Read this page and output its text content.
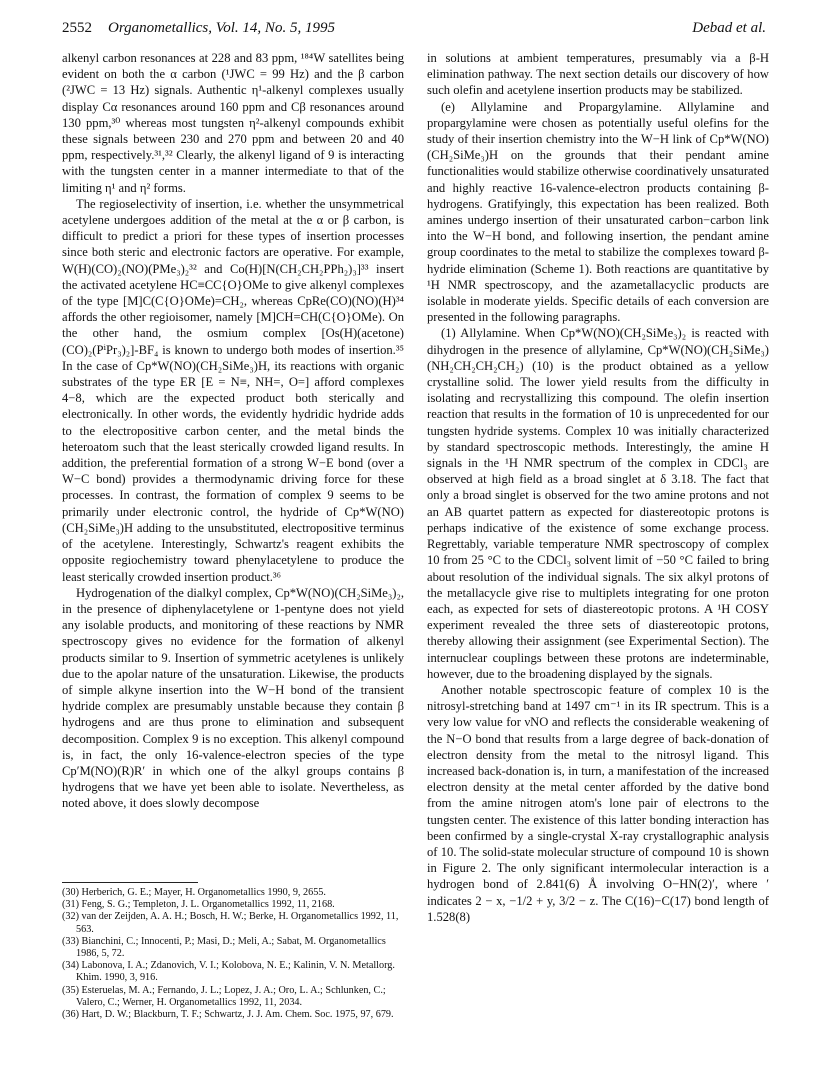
2552 Organometallics, Vol. 14, No. 5, 1995	Debad et al.

alkenyl carbon resonances at 228 and 83 ppm, ¹⁸⁴W satellites being evident on both the α carbon (¹JWC = 99 Hz) and the β carbon (²JWC = 13 Hz) signals. Authentic η¹-alkenyl complexes usually display Cα resonances around 160 ppm and Cβ resonances around 130 ppm,³⁰ whereas most tungsten η²-alkenyl compounds exhibit these signals between 230 and 270 ppm and between 20 and 40 ppm, respectively.³¹,³² Clearly, the alkenyl ligand of 9 is interacting with the tungsten center in a manner intermediate to that of the limiting η¹ and η² forms.

The regioselectivity of insertion, i.e. whether the unsymmetrical acetylene undergoes addition of the metal at the α or β carbon, is difficult to predict a priori for these types of insertion processes since both steric and electronic factors are operative. For example, W(H)(CO)₂(NO)(PMe₃)₂³² and Co(H)[N(CH₂CH₂PPh₂)₃]³³ insert the activated acetylene HC≡CC{O}OMe to give alkenyl complexes of the type [M]C(C{O}OMe)=CH₂, whereas CpRe(CO)(NO)(H)³⁴ affords the other regioisomer, namely [M]CH=CH(C{O}OMe). On the other hand, the osmium complex [Os(H)(acetone)(CO)₂(PⁱPr₃)₂]-BF₄ is known to undergo both modes of insertion.³⁵ In the case of Cp*W(NO)(CH₂SiMe₃)H, its reactions with organic substrates of the type ER [E = N≡, NH=, O=] afford complexes 4−8, which are the expected product both sterically and electronically. In other words, the evidently hydridic hydride adds to the electropositive carbon center, and the metal binds the heteroatom such that the least sterically crowded ligand results. In addition, the preferential formation of a strong W−E bond (over a W−C bond) provides a thermodynamic driving force for these processes. In contrast, the formation of complex 9 seems to be primarily under electronic control, the hydride of Cp*W(NO)(CH₂SiMe₃)H adding to the unsubstituted, electropositive terminus of the acetylene. Interestingly, Schwartz's reagent exhibits the opposite regiochemistry toward phenylacetylene to produce the least sterically crowded insertion product.³⁶

Hydrogenation of the dialkyl complex, Cp*W(NO)(CH₂SiMe₃)₂, in the presence of diphenylacetylene or 1-pentyne does not yield any isolable products, and monitoring of these reactions by NMR spectroscopy gives no evidence for the formation of alkenyl products similar to 9. Insertion of symmetric acetylenes is unlikely due to the apolar nature of the unsaturation. Likewise, the products of simple alkyne insertion into the W−H bond of the transient hydride complex are presumably unstable because they contain β hydrogens and are thus prone to elimination and subsequent decomposition. Complex 9 is no exception. This alkenyl compound is, in fact, the only 16-valence-electron species of the type Cp′M(NO)(R)R′ in which one of the alkyl groups contains β hydrogens that we have yet been able to isolate. Nevertheless, as noted above, it does slowly decompose

in solutions at ambient temperatures, presumably via a β-H elimination pathway. The next section details our discovery of how such olefin and acetylene insertion products may be stabilized.

(e) Allylamine and Propargylamine. Allylamine and propargylamine were chosen as potentially useful olefins for the study of their insertion chemistry into the W−H link of Cp*W(NO)(CH₂SiMe₃)H on the grounds that their pendant amine functionalities would stabilize otherwise coordinatively unsaturated and highly reactive 16-valence-electron products containing β-hydrogens. Gratifyingly, this expectation has been realized. Both amines undergo insertion of their unsaturated carbon−carbon link into the W−H bond, and following insertion, the pendant amine group coordinates to the metal to stabilize the complexes toward β-hydride elimination (Scheme 1). Both reactions are quantitative by ¹H NMR spectroscopy, and the azametallacyclic products are isolable in moderate yields. Specific details of each conversion are presented in the following paragraphs.

(1) Allylamine. When Cp*W(NO)(CH₂SiMe₃)₂ is reacted with dihydrogen in the presence of allylamine, Cp*W(NO)(CH₂SiMe₃)(NH₂CH₂CH₂CH₂) (10) is the product obtained as a yellow crystalline solid. The lower yield results from the difficulty in isolating and recrystallizing this compound. The olefin insertion reaction that results in the formation of 10 is unprecedented for our tungsten hydride systems. Complex 10 was initially characterized by standard spectroscopic methods. Interestingly, the amine H signals in the ¹H NMR spectrum of the complex in CDCl₃ are observed at high field as a broad singlet at δ 3.18. The fact that only a broad singlet is observed for the two amine protons and not an AB quartet pattern as expected for diastereotopic protons is perhaps indicative of the existence of some exchange process. Regrettably, variable temperature NMR spectroscopy of complex 10 from 25 °C to the CDCl₃ solvent limit of −50 °C failed to bring about resolution of the individual signals. The six alkyl protons of the metallacycle give rise to multiplets integrating for one proton each, as expected for sets of diastereotopic protons. A ¹H COSY experiment revealed the three sets of diastereotopic protons, thereby allowing their assignment (see Experimental Section). The internuclear couplings between these protons are indeterminable, however, due to the broadening displayed by the signals.

Another notable spectroscopic feature of complex 10 is the nitrosyl-stretching band at 1497 cm⁻¹ in its IR spectrum. This is a very low value for νNO and reflects the considerable weakening of the N−O bond that results from a large degree of back-donation of electron density from the metal to the nitrosyl ligand. This increased back-donation is, in turn, a manifestation of the increased electron density at the metal center afforded by the dative bond from the amine nitrogen atom's lone pair of electrons to the tungsten center. The existence of this latter bonding interaction has been confirmed by a single-crystal X-ray crystallographic analysis of 10. The solid-state molecular structure of compound 10 is shown in Figure 2. The only significant intermolecular interaction is a hydrogen bond of 2.841(6) Å involving O−HN(2)′, where ′ indicates 2 − x, −1/2 + y, 3/2 − z. The C(16)−C(17) bond length of 1.528(8)

(30) Herberich, G. E.; Mayer, H. Organometallics 1990, 9, 2655.
(31) Feng, S. G.; Templeton, J. L. Organometallics 1992, 11, 2168.
(32) van der Zeijden, A. A. H.; Bosch, H. W.; Berke, H. Organometallics 1992, 11, 563.
(33) Bianchini, C.; Innocenti, P.; Masi, D.; Meli, A.; Sabat, M. Organometallics 1986, 5, 72.
(34) Labonova, I. A.; Zdanovich, V. I.; Kolobova, N. E.; Kalinin, V. N. Metallorg. Khim. 1990, 3, 916.
(35) Esteruelas, M. A.; Fernando, J. L.; Lopez, J. A.; Oro, L. A.; Schlunken, C.; Valero, C.; Werner, H. Organometallics 1992, 11, 2034.
(36) Hart, D. W.; Blackburn, T. F.; Schwartz, J. J. Am. Chem. Soc. 1975, 97, 679.
